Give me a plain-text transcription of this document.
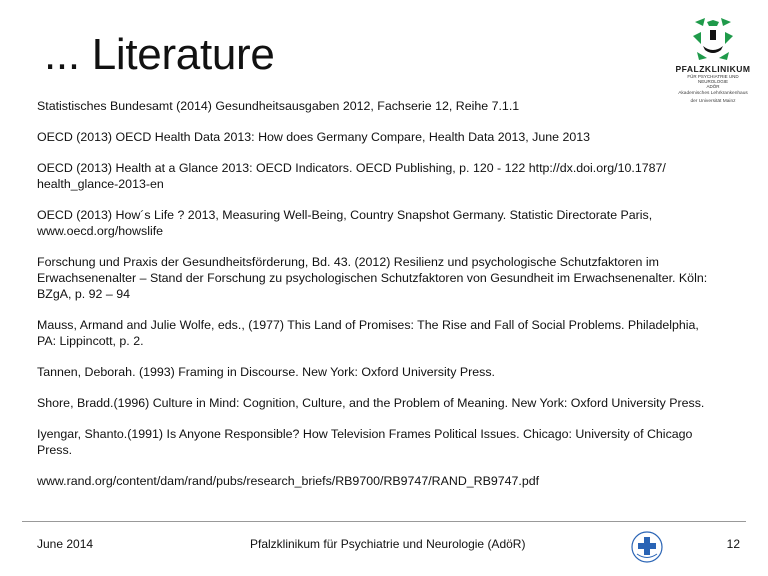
... Literature	PFALZKLINIKUM
FÜR PSYCHIATRIE UND
NEUROLOGIE
ADÖR
Akademisches Lehrkrankenhaus
der Universität Mainz
Statistisches Bundesamt (2014) Gesundheitsausgaben 2012, Fachserie 12, Reihe 7.1.1
OECD (2013) OECD Health Data 2013: How does Germany Compare, Health Data 2013, June 2013
OECD (2013) Health at a Glance 2013: OECD Indicators. OECD Publishing, p. 120 - 122 http://dx.doi.org/10.1787/ health_glance-2013-en
OECD (2013) How´s Life ? 2013, Measuring Well-Being, Country Snapshot Germany. Statistic Directorate Paris, www.oecd.org/howslife
Forschung und Praxis der Gesundheitsförderung, Bd. 43. (2012) Resilienz und psychologische Schutzfaktoren im Erwachsenenalter – Stand der Forschung zu psychologischen Schutzfaktoren von Gesundheit im Erwachsenenalter. Köln: BZgA, p. 92 – 94
Mauss, Armand and Julie Wolfe, eds., (1977) This Land of Promises: The Rise and Fall of Social Problems. Philadelphia, PA: Lippincott, p. 2.
Tannen, Deborah. (1993) Framing in Discourse. New York: Oxford University Press.
Shore, Bradd.(1996) Culture in Mind: Cognition, Culture, and the Problem of Meaning. New York: Oxford University Press.
Iyengar, Shanto.(1991) Is Anyone Responsible? How Television Frames Political Issues. Chicago: University of Chicago Press.
www.rand.org/content/dam/rand/pubs/research_briefs/RB9700/RB9747/RAND_RB9747.pdf
June 2014	Pfalzklinikum für Psychiatrie und Neurologie (AdöR)	12
